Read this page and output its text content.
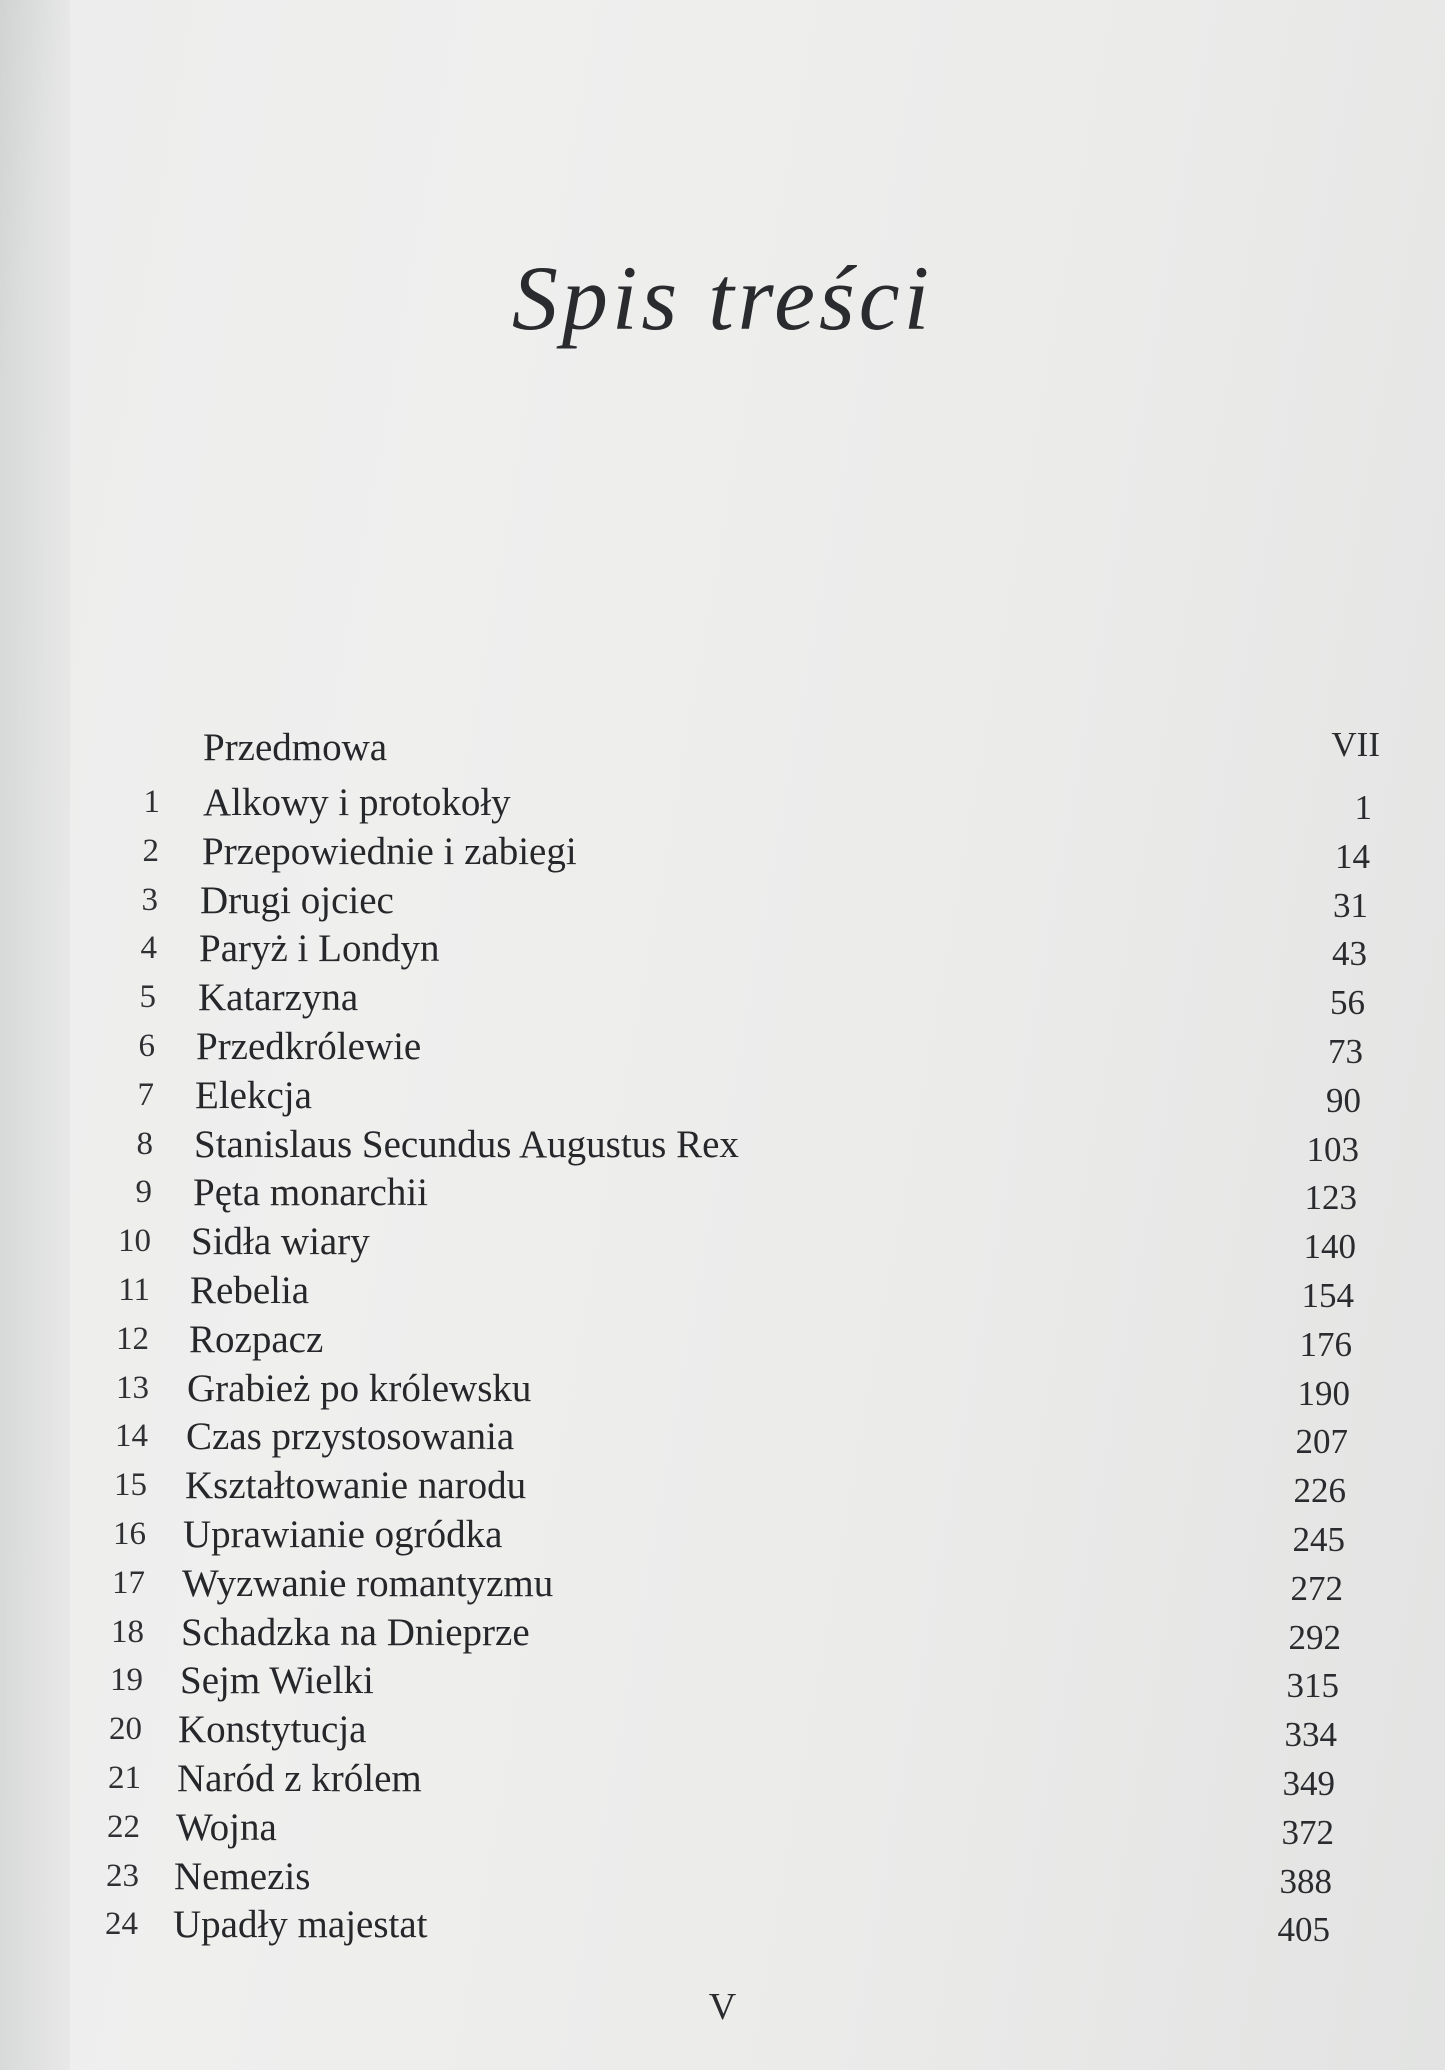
Spis treści
Przedmowa	VII
1 Alkowy i protokoły	1
2 Przepowiednie i zabiegi	14
3 Drugi ojciec	31
4 Paryż i Londyn	43
5 Katarzyna	56
6 Przedkrólewie	73
7 Elekcja	90
8 Stanislaus Secundus Augustus Rex	103
9 Pęta monarchii	123
10 Sidła wiary	140
11 Rebelia	154
12 Rozpacz	176
13 Grabież po królewsku	190
14 Czas przystosowania	207
15 Kształtowanie narodu	226
16 Uprawianie ogródka	245
17 Wyzwanie romantyzmu	272
18 Schadzka na Dnieprze	292
19 Sejm Wielki	315
20 Konstytucja	334
21 Naród z królem	349
22 Wojna	372
23 Nemezis	388
24 Upadły majestat	405
V
